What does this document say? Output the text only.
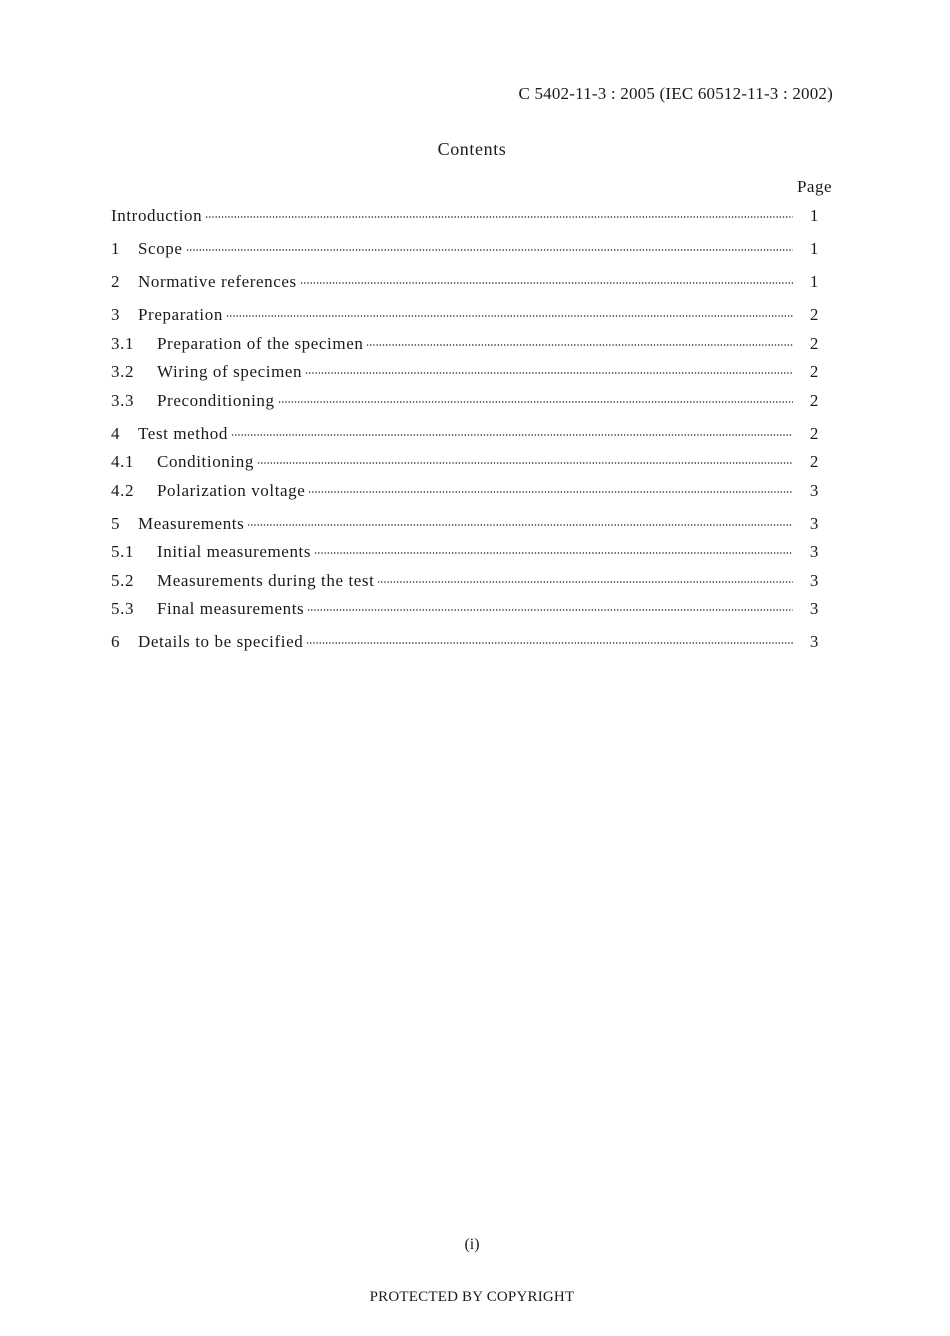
C 5402-11-3 : 2005 (IEC 60512-11-3 : 2002)
Contents
Page
Introduction	1
1	Scope	1
2	Normative references	1
3	Preparation	2
3.1	Preparation of the specimen	2
3.2	Wiring of specimen	2
3.3	Preconditioning	2
4	Test method	2
4.1	Conditioning	2
4.2	Polarization voltage	3
5	Measurements	3
5.1	Initial measurements	3
5.2	Measurements during the test	3
5.3	Final measurements	3
6	Details to be specified	3
(i)
PROTECTED BY COPYRIGHT
